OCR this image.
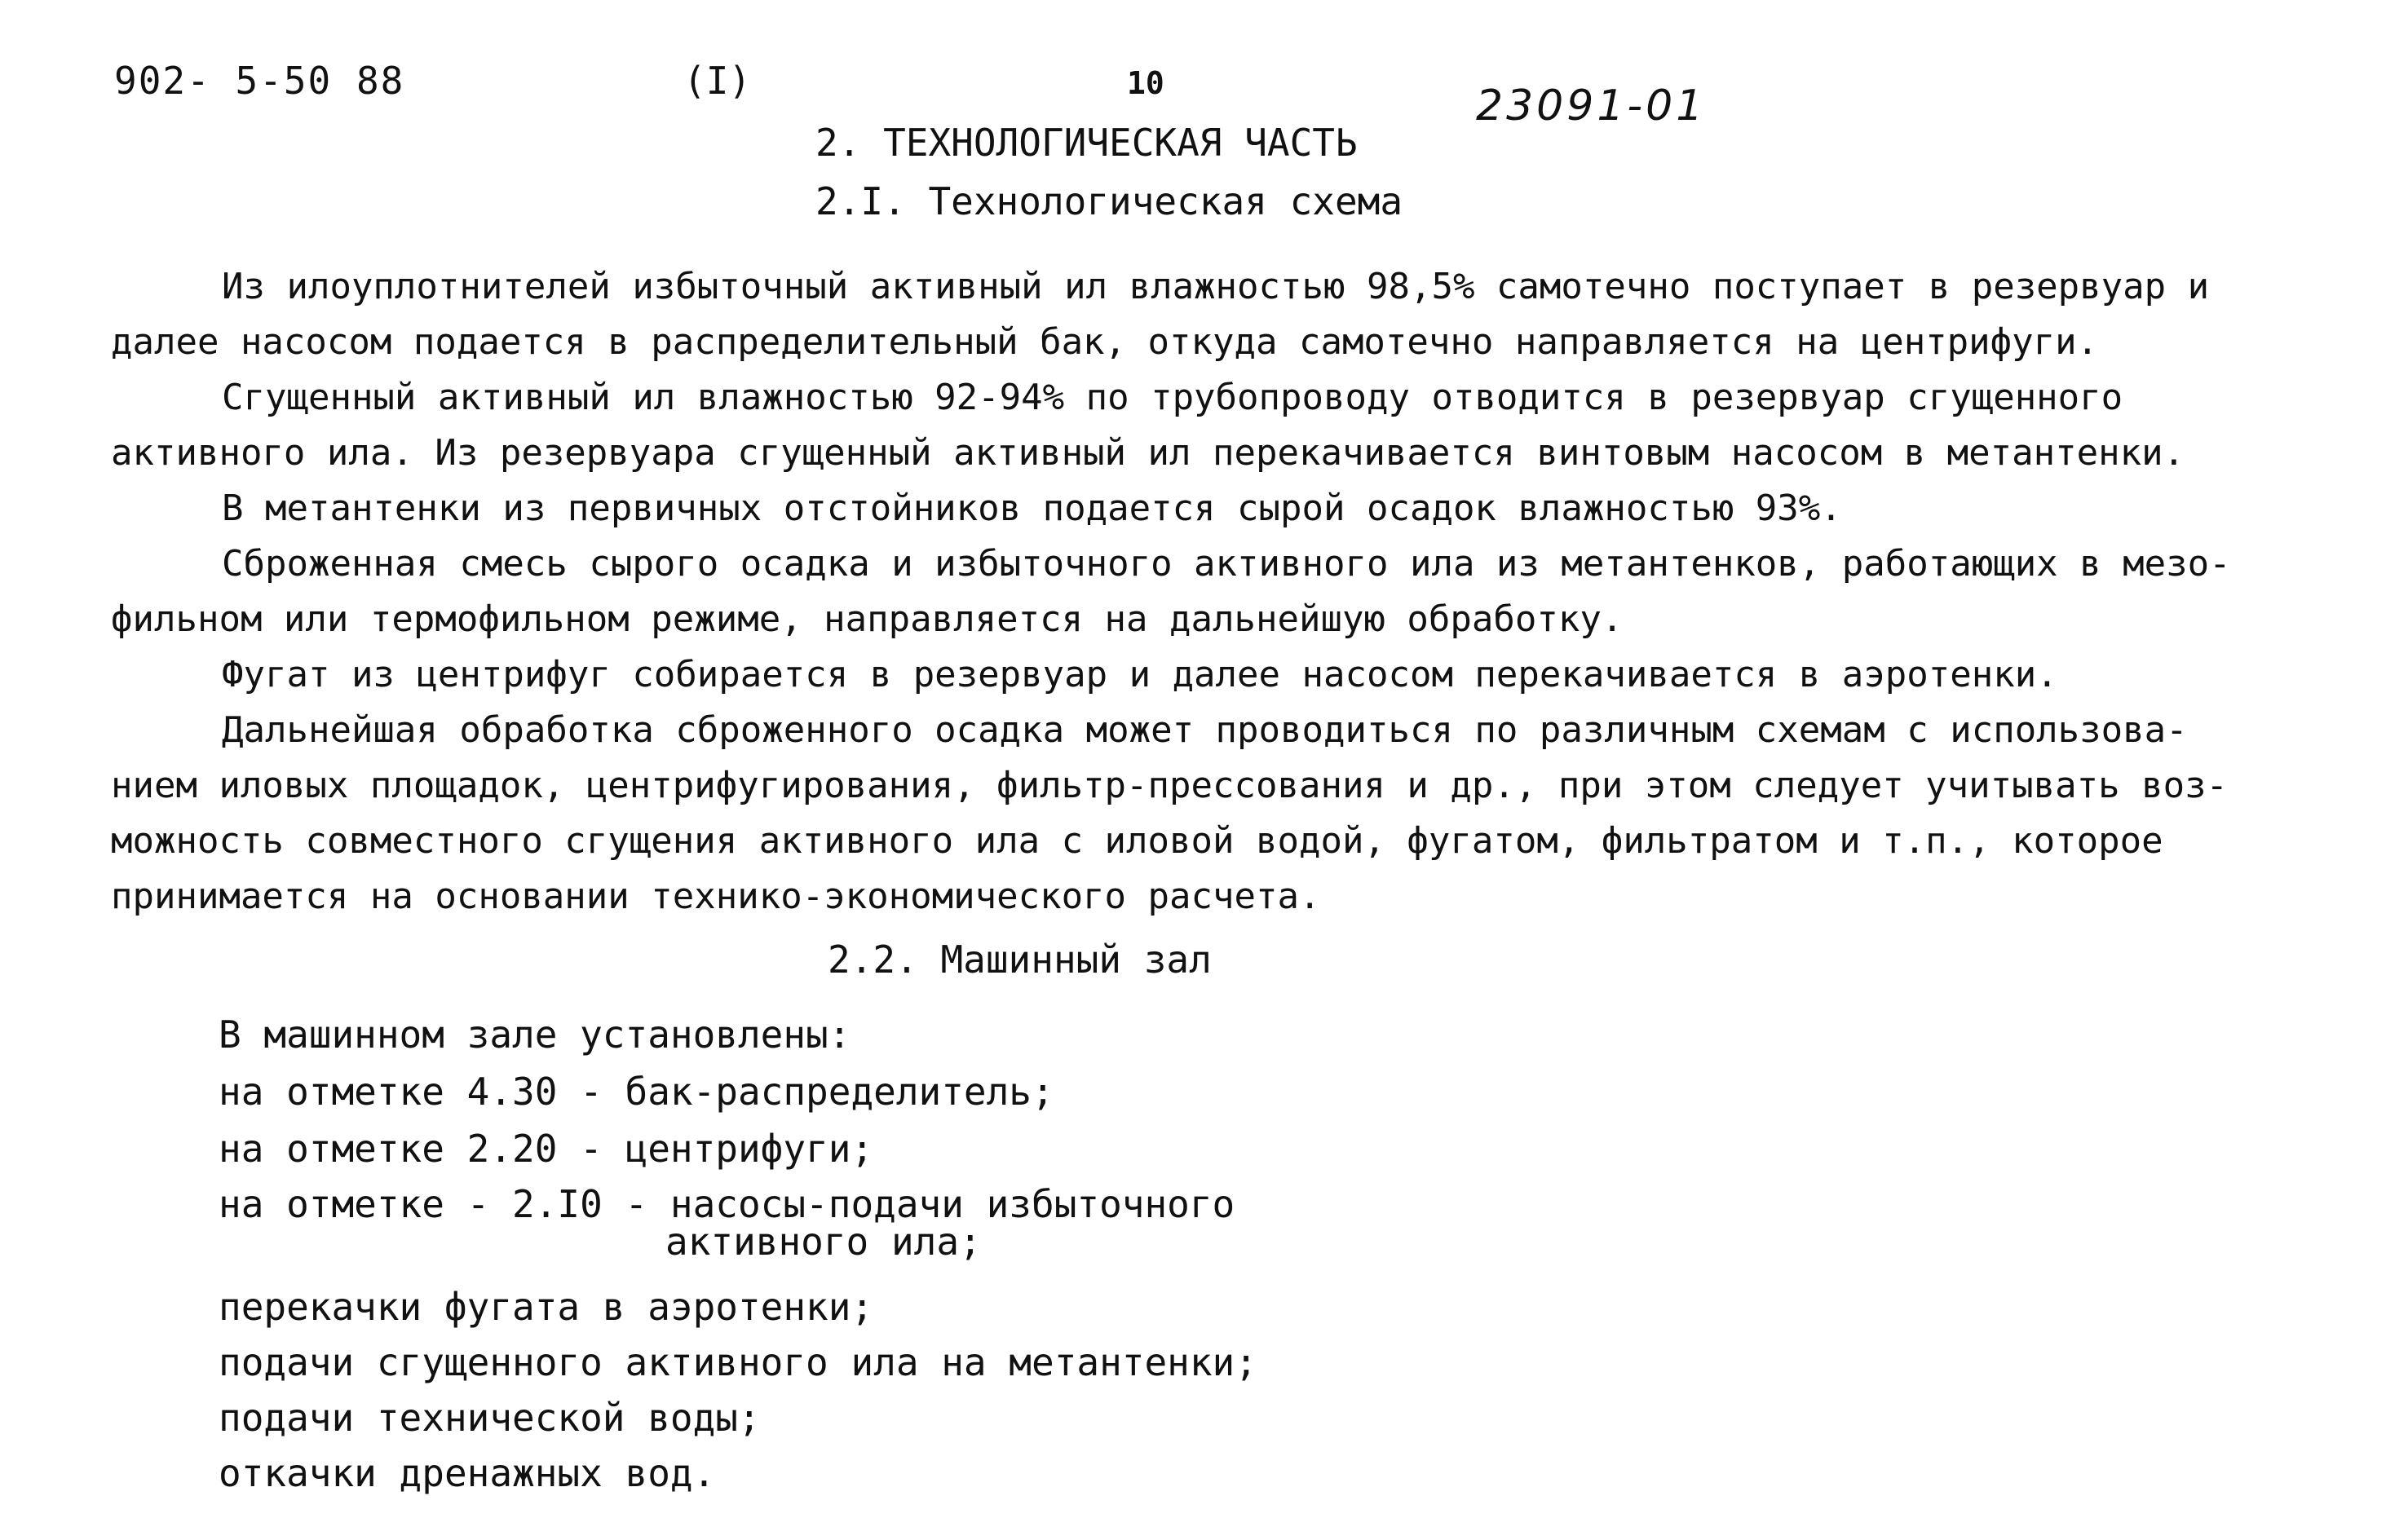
902- 5-50 88	(I)	10	23091-01
2. ТЕХНОЛОГИЧЕСКАЯ ЧАСТЬ
2.I. Технологическая схема
Из илоуплотнителей избыточный активный ил влажностью 98,5% самотечно поступает в резервуар и
далее насосом подается в распределительный бак, откуда самотечно направляется на центрифуги.
Сгущенный активный ил влажностью 92-94% по трубопроводу отводится в резервуар сгущенного
активного ила. Из резервуара сгущенный активный ил перекачивается винтовым насосом в метантенки.
В метантенки из первичных отстойников подается сырой осадок влажностью 93%.
Сброженная смесь сырого осадка и избыточного активного ила из метантенков, работающих в мезо-
фильном или термофильном режиме, направляется на дальнейшую обработку.
Фугат из центрифуг собирается в резервуар и далее насосом перекачивается в аэротенки.
Дальнейшая обработка сброженного осадка может проводиться по различным схемам с использова-
нием иловых площадок, центрифугирования, фильтр-прессования и др., при этом следует учитывать воз-
можность совместного сгущения активного ила с иловой водой, фугатом, фильтратом и т.п., которое
принимается на основании технико-экономического расчета.
2.2. Машинный зал
В машинном зале установлены:
на отметке 4.30 - бак-распределитель;
на отметке 2.20 - центрифуги;
на отметке - 2.I0 - насосы-подачи избыточного
активного ила;
перекачки фугата в аэротенки;
подачи сгущенного активного ила на метантенки;
подачи технической воды;
откачки дренажных вод.
